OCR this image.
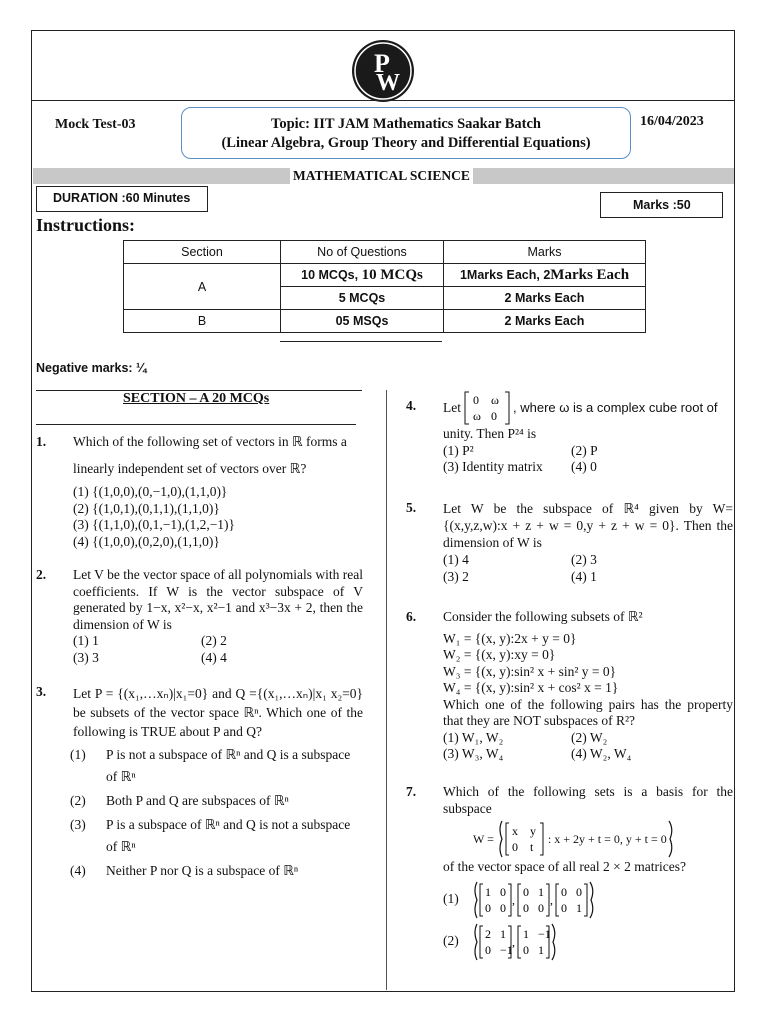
P
W
Mock Test-03	16/04/2023
Topic: IIT JAM Mathematics Saakar Batch
(Linear Algebra, Group Theory and Differential Equations)
MATHEMATICAL SCIENCE
DURATION :60 Minutes	Marks :50
Instructions:
Section	No of Questions	Marks
A	10 MCQs, 10 MCQs	1Marks Each, 2Marks Each
	5 MCQs	2 Marks Each
B	05 MSQs	2 Marks Each
Negative marks: ¼
SECTION – A 20 MCQs
1. Which of the following set of vectors in ℝ forms a
linearly independent set of vectors over ℝ?
(1) {(1,0,0),(0,−1,0),(1,1,0)}
(2) {(1,0,1),(0,1,1),(1,1,0)}
(3) {(1,1,0),(0,1,−1),(1,2,−1)}
(4) {(1,0,0),(0,2,0),(1,1,0)}
2. Let V be the vector space of all polynomials with real coefficients. If W is the vector subspace of V generated by 1−x, x²−x, x²−1 and x³−3x + 2, then the dimension of W is
(1) 1	(2) 2
(3) 3	(4) 4
3. Let P = {(x₁,…xₙ)|x₁=0} and Q ={(x₁,…xₙ)|x₁ x₂=0} be subsets of the vector space ℝⁿ. Which one of the following is TRUE about P and Q?
(1)	P is not a subspace of ℝⁿ and Q is a subspace
of ℝⁿ
(2)	Both P and Q are subspaces of ℝⁿ
(3)	P is a subspace of ℝⁿ and Q is not a subspace
of ℝⁿ
(4)	Neither P nor Q is a subspace of ℝⁿ
4. Let 0 ω
ω 0
, where ω is a complex cube root of
unity. Then P²⁴ is
(1) P²	(2) P
(3) Identity matrix	(4) 0
5. Let W be the subspace of ℝ⁴ given by W={(x,y,z,w):x + z + w = 0,y + z + w = 0}. Then the dimension of W is
(1) 4	(2) 3
(3) 2	(4) 1
6. Consider the following subsets of ℝ²
W₁ = {(x, y):2x + y = 0}
W₂ = {(x, y):xy = 0}
W₃ = {(x, y):sin² x + sin² y = 0}
W₄ = {(x, y):sin² x + cos² x = 1}
Which one of the following pairs has the property that they are NOT subspaces of R²?
(1) W₁, W₂	(2) W₂
(3) W₃, W₄	(4) W₂, W₄
7. Which of the following sets is a basis for the subspace
W =
x y
0 t
: x + 2y + t = 0, y + t = 0
of the vector space of all real 2 × 2 matrices?
(1)	1 0
0 0
,
0 1
0 0
,
0 0
0 1
(2)	2 1
0 −1
,
1 −1
0 1
